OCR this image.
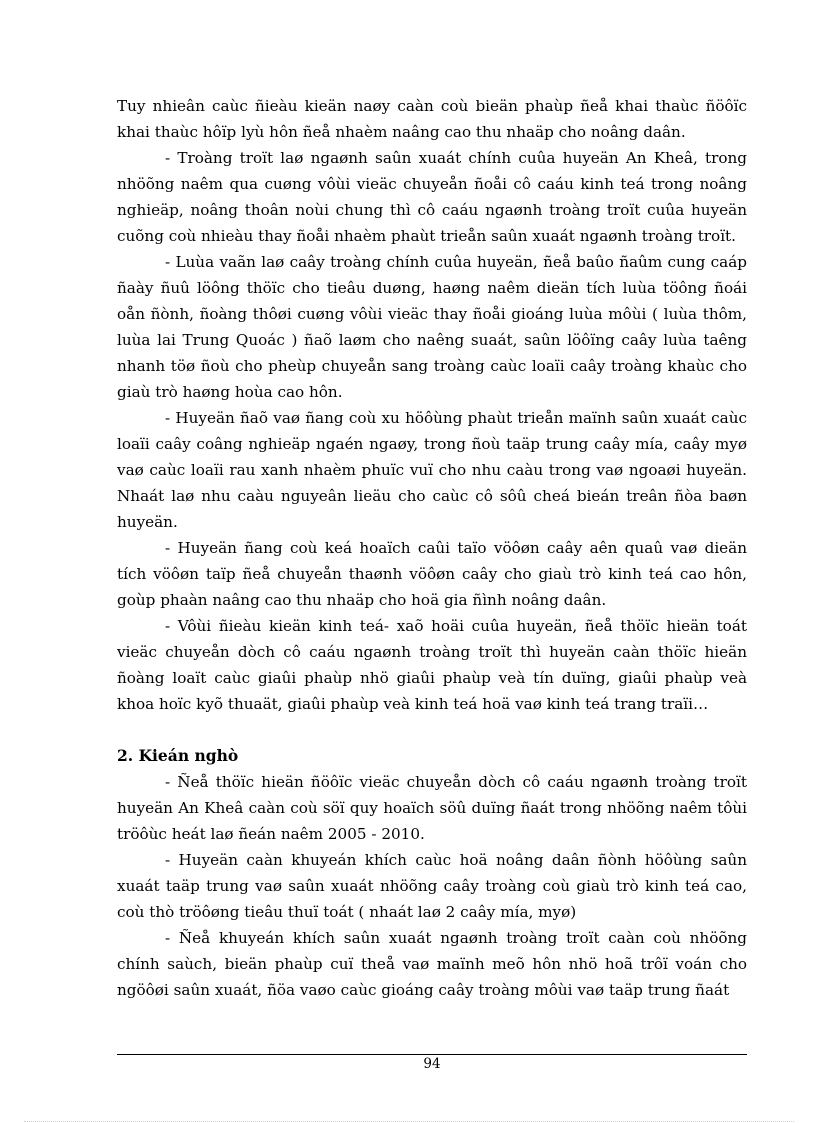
Tuy nhieân caùc ñieàu kieän naøy caàn coù bieän phaùp ñeå khai thaùc ñöôïc khai thaùc hôïp lyù hôn ñeå nhaèm naâng cao thu nhaäp cho noâng daân.

- Troàng troït laø ngaønh saûn xuaát chính cuûa huyeän An Kheâ, trong nhöõng naêm qua cuøng vôùi vieäc chuyeån ñoåi cô caáu kinh teá trong noâng nghieäp, noâng thoân noùi chung thì cô caáu ngaønh troàng troït cuûa huyeän cuõng coù nhieàu thay ñoåi nhaèm phaùt trieån saûn xuaát ngaønh troàng troït.

- Luùa vaãn laø caây troàng chính cuûa huyeän, ñeå baûo ñaûm cung caáp ñaày ñuû löông thöïc cho tieâu duøng, haøng naêm dieän tích luùa töông ñoái oån ñònh, ñoàng thôøi cuøng vôùi vieäc thay ñoåi gioáng luùa môùi ( luùa thôm, luùa lai Trung Quoác ) ñaõ laøm cho naêng suaát, saûn löôïng caây luùa taêng nhanh töø ñoù cho pheùp chuyeån sang troàng caùc loaïi caây troàng khaùc cho giaù trò haøng hoùa cao hôn.

- Huyeän ñaõ vaø ñang coù xu höôùng phaùt trieån maïnh saûn xuaát caùc loaïi caây coâng nghieäp ngaén ngaøy, trong ñoù taäp trung caây mía, caây myø vaø caùc loaïi rau xanh nhaèm phuïc vuï cho nhu caàu trong vaø ngoaøi huyeän. Nhaát laø nhu caàu nguyeân lieäu cho caùc cô sôû cheá bieán treân ñòa baøn huyeän.

- Huyeän ñang coù keá hoaïch caûi taïo vöôøn caây aên quaû vaø dieän tích vöôøn taïp ñeå chuyeån thaønh vöôøn caây cho giaù trò kinh teá cao hôn, goùp phaàn naâng cao thu nhaäp cho hoä gia ñình noâng daân.

- Vôùi ñieàu kieän kinh teá- xaõ hoäi cuûa huyeän, ñeå thöïc hieän toát vieäc chuyeån dòch cô caáu ngaønh troàng troït thì huyeän caàn thöïc hieän ñoàng loaït caùc giaûi phaùp nhö giaûi phaùp veà tín duïng, giaûi phaùp veà khoa hoïc kyõ thuaät, giaûi phaùp veà kinh teá hoä vaø kinh teá trang traïi…

2. Kieán nghò

- Ñeå thöïc hieän ñöôïc vieäc chuyeån dòch cô caáu ngaønh troàng troït huyeän An Kheâ caàn coù söï quy hoaïch söû duïng ñaát trong nhöõng naêm tôùi tröôùc heát laø ñeán naêm 2005 - 2010.

- Huyeän caàn khuyeán khích caùc hoä noâng daân ñònh höôùng saûn xuaát taäp trung vaø saûn xuaát nhöõng caây troàng coù giaù trò kinh teá cao, coù thò tröôøng tieâu thuï toát ( nhaát laø 2 caây mía, myø)

- Ñeå khuyeán khích saûn xuaát ngaønh troàng troït caàn coù nhöõng chính saùch, bieän phaùp cuï theå vaø maïnh meõ hôn nhö hoã trôï voán cho ngöôøi saûn xuaát, ñöa vaøo caùc gioáng caây troàng môùi vaø taäp trung ñaát

94
